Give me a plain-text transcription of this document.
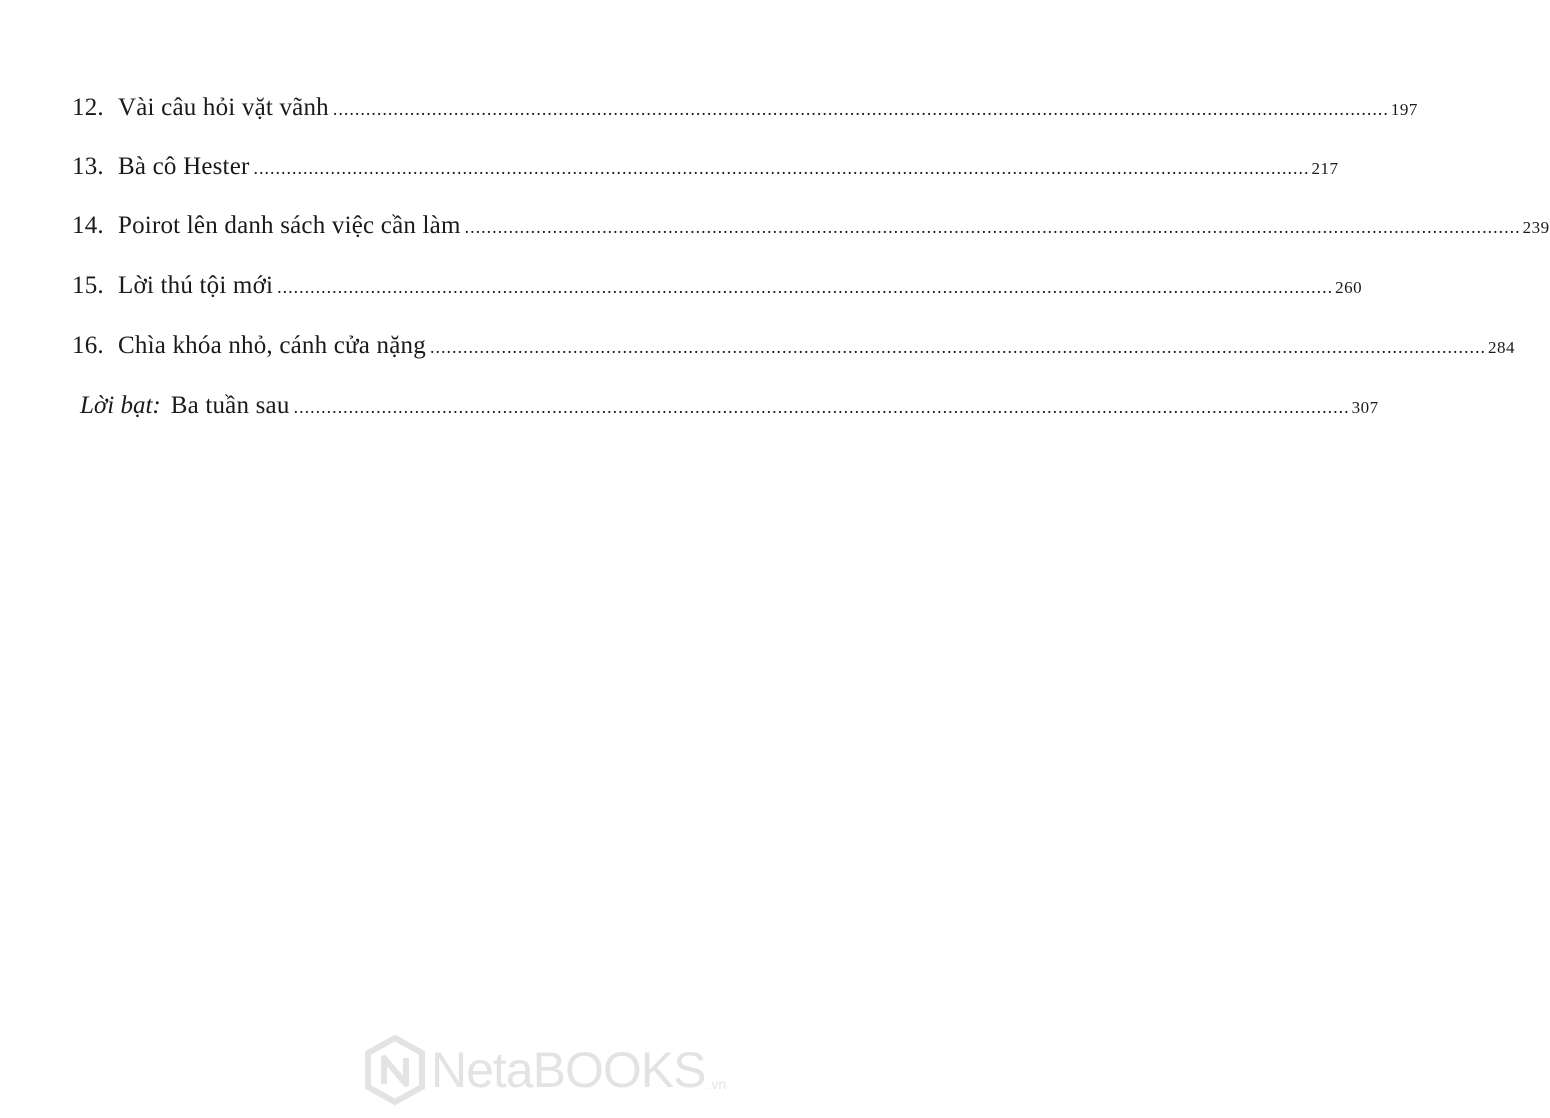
12. Vài câu hỏi vặt vãnh .....	197
13. Bà cô Hester .....	217
14. Poirot lên danh sách việc cần làm .....	239
15. Lời thú tội mới .....	260
16. Chìa khóa nhỏ, cánh cửa nặng .....	284
Lời bạt: Ba tuần sau .....	307
NetaBOOKS .vn
